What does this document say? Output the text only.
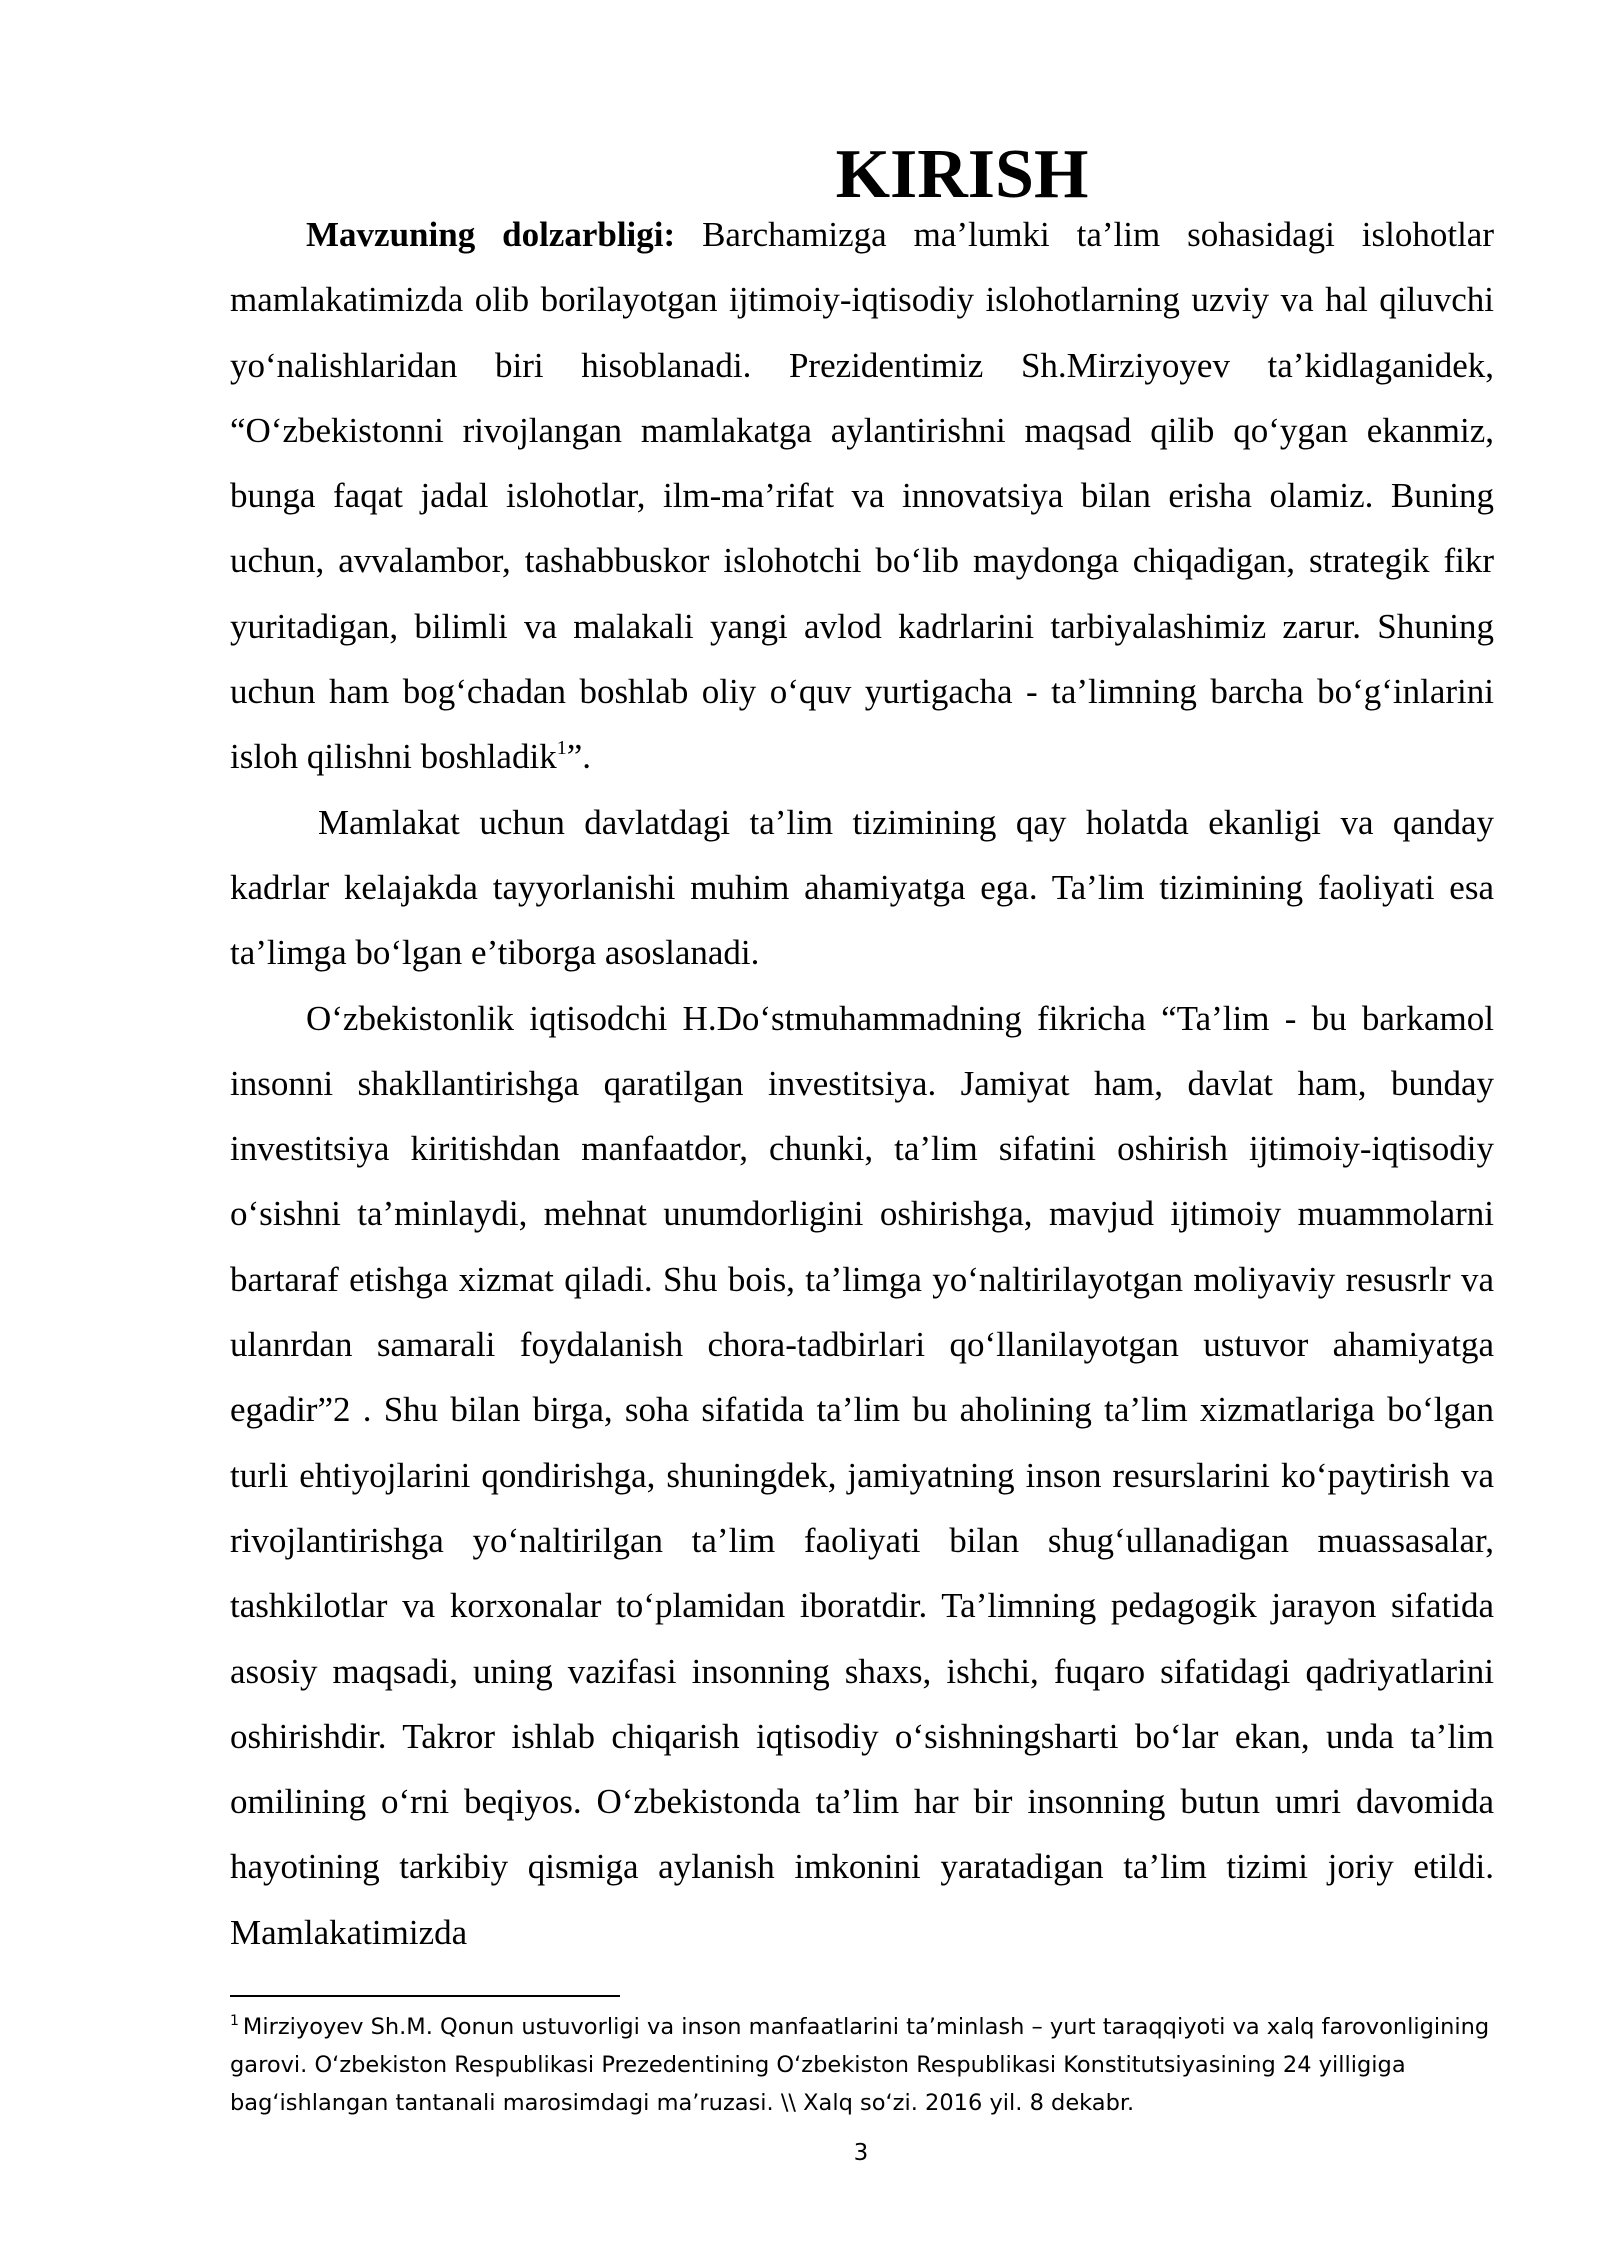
KIRISH

Mavzuning dolzarbligi: Barchamizga ma’lumki ta’lim sohasidagi islohotlar mamlakatimizda olib borilayotgan ijtimoiy-iqtisodiy islohotlarning uzviy va hal qiluvchi yo‘nalishlaridan biri hisoblanadi. Prezidentimiz Sh.Mirziyoyev ta’kidlaganidek, “O‘zbekistonni rivojlangan mamlakatga aylantirishni maqsad qilib qo‘ygan ekanmiz, bunga faqat jadal islohotlar, ilm-ma’rifat va innovatsiya bilan erisha olamiz. Buning uchun, avvalambor, tashabbuskor islohotchi bo‘lib maydonga chiqadigan, strategik fikr yuritadigan, bilimli va malakali yangi avlod kadrlarini tarbiyalashimiz zarur. Shuning uchun ham bog‘chadan boshlab oliy o‘quv yurtigacha - ta’limning barcha bo‘g‘inlarini isloh qilishni boshladik$^1$”.

Mamlakat uchun davlatdagi ta’lim tizimining qay holatda ekanligi va qanday kadrlar kelajakda tayyorlanishi muhim ahamiyatga ega. Ta’lim tizimining faoliyati esa ta’limga bo‘lgan e’tiborga asoslanadi.

O‘zbekistonlik iqtisodchi H.Do‘stmuhammadning fikricha “Ta’lim - bu barkamol insonni shakllantirishga qaratilgan investitsiya. Jamiyat ham, davlat ham, bunday investitsiya kiritishdan manfaatdor, chunki, ta’lim sifatini oshirish ijtimoiy-iqtisodiy o‘sishni ta’minlaydi, mehnat unumdorligini oshirishga, mavjud ijtimoiy muammolarni bartaraf etishga xizmat qiladi. Shu bois, ta’limga yo‘naltirilayotgan moliyaviy resusrlr va ulanrdan samarali foydalanish chora-tadbirlari qo‘llanilayotgan ustuvor ahamiyatga egadir”2 . Shu bilan birga, soha sifatida ta’lim bu aholining ta’lim xizmatlariga bo‘lgan turli ehtiyojlarini qondirishga, shuningdek, jamiyatning inson resurslarini ko‘paytirish va rivojlantirishga yo‘naltirilgan ta’lim faoliyati bilan shug‘ullanadigan muassasalar, tashkilotlar va korxonalar to‘plamidan iboratdir. Ta’limning pedagogik jarayon sifatida asosiy maqsadi, uning vazifasi insonning shaxs, ishchi, fuqaro sifatidagi qadriyatlarini oshirishdir. Takror ishlab chiqarish iqtisodiy o‘sishningsharti bo‘lar ekan, unda ta’lim omilining o‘rni beqiyos. O‘zbekistonda ta’lim har bir insonning butun umri davomida hayotining tarkibiy qismiga aylanish imkonini yaratadigan ta’lim tizimi joriy etildi. Mamlakatimizda

$^1$ Mirziyoyev Sh.M. Qonun ustuvorligi va inson manfaatlarini ta’minlash – yurt taraqqiyoti va xalq farovonligining garovi. O‘zbekiston Respublikasi Prezedentining O‘zbekiston Respublikasi Konstitutsiyasining 24 yilligiga bag‘ishlangan tantanali marosimdagi ma’ruzasi. \\ Xalq so‘zi. 2016 yil. 8 dekabr.
3
